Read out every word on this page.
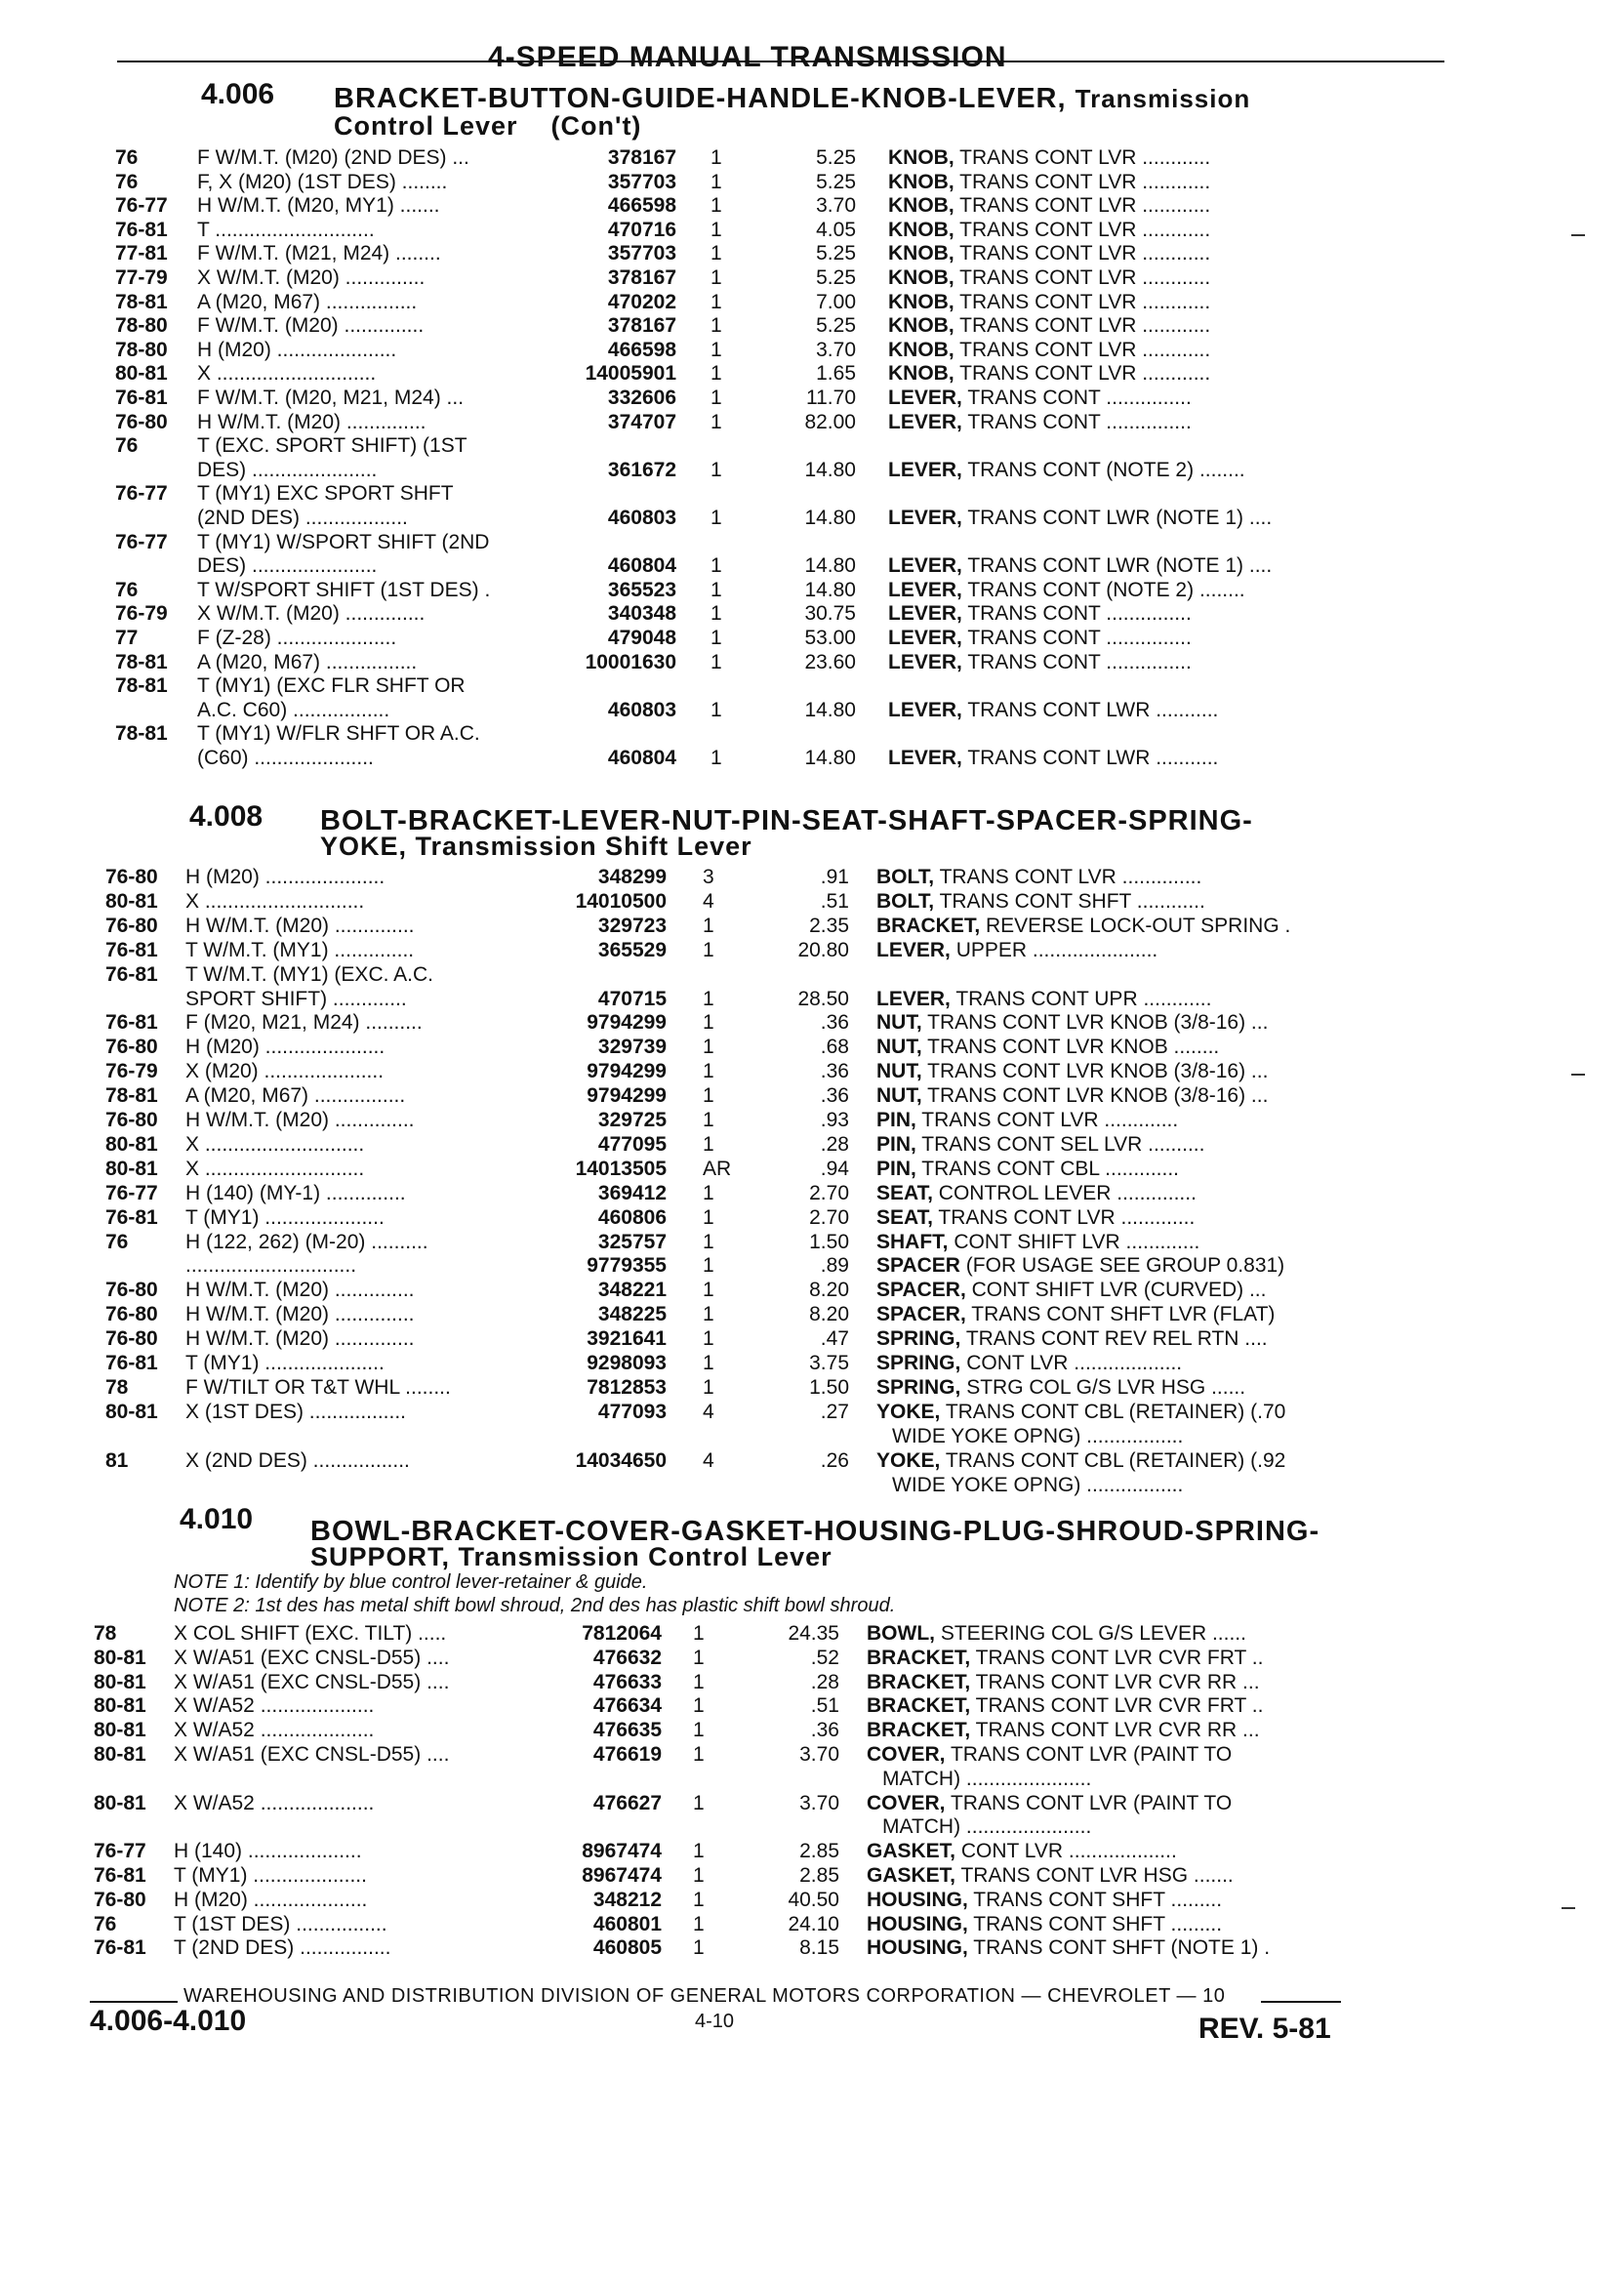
4-SPEED MANUAL TRANSMISSION
4.006 BRACKET-BUTTON-GUIDE-HANDLE-KNOB-LEVER, Transmission
Control Lever (Con't)
76	F W/M.T. (M20) (2ND DES) ...	378167 1	5.25 KNOB, TRANS CONT LVR ............
76	F, X (M20) (1ST DES) ........	357703 1	5.25 KNOB, TRANS CONT LVR ............
76-77 H W/M.T. (M20, MY1) .......	466598 1	3.70 KNOB, TRANS CONT LVR ............
76-81 T ............................	470716 1	4.05 KNOB, TRANS CONT LVR ............
77-81 F W/M.T. (M21, M24) ........	357703 1	5.25 KNOB, TRANS CONT LVR ............
77-79 X W/M.T. (M20) ..............	378167 1	5.25 KNOB, TRANS CONT LVR ............
78-81 A (M20, M67) ................	470202 1	7.00 KNOB, TRANS CONT LVR ............
78-80 F W/M.T. (M20) ..............	378167 1	5.25 KNOB, TRANS CONT LVR ............
78-80 H (M20) .....................	466598 1	3.70 KNOB, TRANS CONT LVR ............
80-81 X ............................	14005901 1	1.65 KNOB, TRANS CONT LVR ............
76-81 F W/M.T. (M20, M21, M24) ...	332606 1	11.70 LEVER, TRANS CONT ...............
76-80 H W/M.T. (M20) ..............	374707 1	82.00 LEVER, TRANS CONT ...............
76	T (EXC. SPORT SHIFT) (1ST
DES) ......................	361672 1	14.80 LEVER, TRANS CONT (NOTE 2) ........
76-77 T (MY1) EXC SPORT SHFT
(2ND DES) ..................	460803 1	14.80 LEVER, TRANS CONT LWR (NOTE 1) ....
76-77 T (MY1) W/SPORT SHIFT (2ND
DES) ......................	460804 1	14.80 LEVER, TRANS CONT LWR (NOTE 1) ....
76	T W/SPORT SHIFT (1ST DES) .	365523 1	14.80 LEVER, TRANS CONT (NOTE 2) ........
76-79 X W/M.T. (M20) ..............	340348 1	30.75 LEVER, TRANS CONT ...............
77	F (Z-28) .....................	479048 1	53.00 LEVER, TRANS CONT ...............
78-81 A (M20, M67) ................	10001630 1	23.60 LEVER, TRANS CONT ...............
78-81 T (MY1) (EXC FLR SHFT OR
A.C. C60) .................	460803 1	14.80 LEVER, TRANS CONT LWR ...........
78-81 T (MY1) W/FLR SHFT OR A.C.
(C60) .....................	460804 1	14.80 LEVER, TRANS CONT LWR ...........
4.008 BOLT-BRACKET-LEVER-NUT-PIN-SEAT-SHAFT-SPACER-SPRING-
YOKE, Transmission Shift Lever
76-80 H (M20) .....................	348299 3	.91 BOLT, TRANS CONT LVR ..............
80-81 X ............................	14010500 4	.51 BOLT, TRANS CONT SHFT ............
76-80 H W/M.T. (M20) ..............	329723 1	2.35 BRACKET, REVERSE LOCK-OUT SPRING .
76-81 T W/M.T. (MY1) ..............	365529 1	20.80 LEVER, UPPER ......................
76-81 T W/M.T. (MY1) (EXC. A.C.
SPORT SHIFT) .............	470715 1	28.50 LEVER, TRANS CONT UPR ............
76-81 F (M20, M21, M24) ..........	9794299 1	.36 NUT, TRANS CONT LVR KNOB (3/8-16) ...
76-80 H (M20) .....................	329739 1	.68 NUT, TRANS CONT LVR KNOB ........
76-79 X (M20) .....................	9794299 1	.36 NUT, TRANS CONT LVR KNOB (3/8-16) ...
78-81 A (M20, M67) ................	9794299 1	.36 NUT, TRANS CONT LVR KNOB (3/8-16) ...
76-80 H W/M.T. (M20) ..............	329725 1	.93 PIN, TRANS CONT LVR .............
80-81 X ............................	477095 1	.28 PIN, TRANS CONT SEL LVR ..........
80-81 X ............................	14013505 AR	.94 PIN, TRANS CONT CBL .............
76-77 H (140) (MY-1) ..............	369412 1	2.70 SEAT, CONTROL LEVER ..............
76-81 T (MY1) .....................	460806 1	2.70 SEAT, TRANS CONT LVR .............
76	H (122, 262) (M-20) ..........	325757 1	1.50 SHAFT, CONT SHIFT LVR .............
..............................	9779355 1	.89 SPACER (FOR USAGE SEE GROUP 0.831)
76-80 H W/M.T. (M20) ..............	348221 1	8.20 SPACER, CONT SHIFT LVR (CURVED) ...
76-80 H W/M.T. (M20) ..............	348225 1	8.20 SPACER, TRANS CONT SHFT LVR (FLAT)
76-80 H W/M.T. (M20) ..............	3921641 1	.47 SPRING, TRANS CONT REV REL RTN ....
76-81 T (MY1) .....................	9298093 1	3.75 SPRING, CONT LVR ...................
78	F W/TILT OR T&T WHL ........	7812853 1	1.50 SPRING, STRG COL G/S LVR HSG ......
80-81 X (1ST DES) .................	477093 4	.27 YOKE, TRANS CONT CBL (RETAINER) (.70
WIDE YOKE OPNG) .................
81	X (2ND DES) .................	14034650 4	.26 YOKE, TRANS CONT CBL (RETAINER) (.92
WIDE YOKE OPNG) .................
4.010 BOWL-BRACKET-COVER-GASKET-HOUSING-PLUG-SHROUD-SPRING-
SUPPORT, Transmission Control Lever
NOTE 1: Identify by blue control lever-retainer & guide.
NOTE 2: 1st des has metal shift bowl shroud, 2nd des has plastic shift bowl shroud.
78	X COL SHIFT (EXC. TILT) .....	7812064 1	24.35 BOWL, STEERING COL G/S LEVER ......
80-81 X W/A51 (EXC CNSL-D55) ....	476632 1	.52 BRACKET, TRANS CONT LVR CVR FRT ..
80-81 X W/A51 (EXC CNSL-D55) ....	476633 1	.28 BRACKET, TRANS CONT LVR CVR RR ...
80-81 X W/A52 ....................	476634 1	.51 BRACKET, TRANS CONT LVR CVR FRT ..
80-81 X W/A52 ....................	476635 1	.36 BRACKET, TRANS CONT LVR CVR RR ...
80-81 X W/A51 (EXC CNSL-D55) ....	476619 1	3.70 COVER, TRANS CONT LVR (PAINT TO
MATCH) ......................
80-81 X W/A52 ....................	476627 1	3.70 COVER, TRANS CONT LVR (PAINT TO
MATCH) ......................
76-77 H (140) ....................	8967474 1	2.85 GASKET, CONT LVR ...................
76-81 T (MY1) ....................	8967474 1	2.85 GASKET, TRANS CONT LVR HSG .......
76-80 H (M20) ....................	348212 1	40.50 HOUSING, TRANS CONT SHFT .........
76	T (1ST DES) ................	460801 1	24.10 HOUSING, TRANS CONT SHFT .........
76-81 T (2ND DES) ................	460805 1	8.15 HOUSING, TRANS CONT SHFT (NOTE 1) .
WAREHOUSING AND DISTRIBUTION DIVISION OF GENERAL MOTORS CORPORATION — CHEVROLET — 10
4.006-4.010	4-10	REV. 5-81
